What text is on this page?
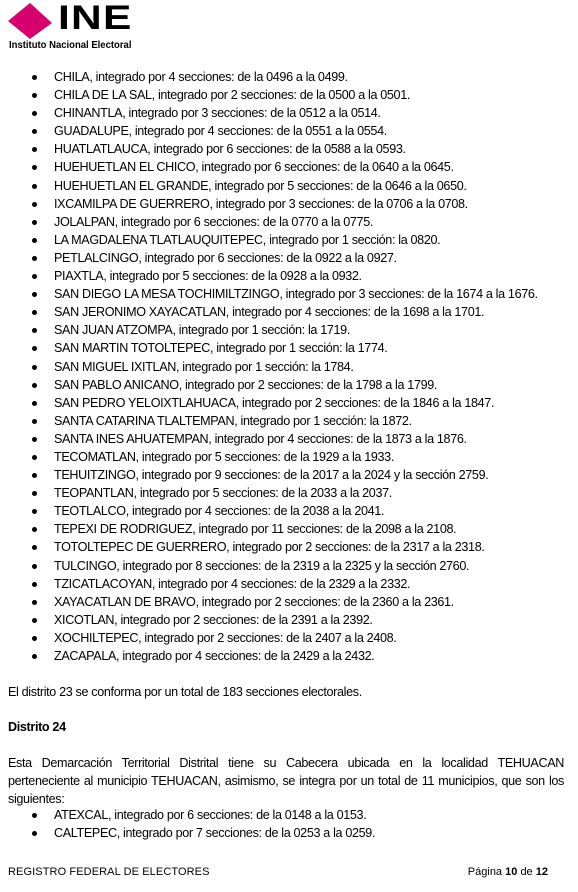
INE
Instituto Nacional Electoral
CHILA, integrado por 4 secciones: de la 0496 a la 0499.
CHILA DE LA SAL, integrado por 2 secciones: de la 0500 a la 0501.
CHINANTLA, integrado por 3 secciones: de la 0512 a la 0514.
GUADALUPE, integrado por 4 secciones: de la 0551 a la 0554.
HUATLATLAUCA, integrado por 6 secciones: de la 0588 a la 0593.
HUEHUETLAN EL CHICO, integrado por 6 secciones: de la 0640 a la 0645.
HUEHUETLAN EL GRANDE, integrado por 5 secciones: de la 0646 a la 0650.
IXCAMILPA DE GUERRERO, integrado por 3 secciones: de la 0706 a la 0708.
JOLALPAN, integrado por 6 secciones: de la 0770 a la 0775.
LA MAGDALENA TLATLAUQUITEPEC, integrado por 1 sección: la 0820.
PETLALCINGO, integrado por 6 secciones: de la 0922 a la 0927.
PIAXTLA, integrado por 5 secciones: de la 0928 a la 0932.
SAN DIEGO LA MESA TOCHIMILTZINGO, integrado por 3 secciones: de la 1674 a la 1676.
SAN JERONIMO XAYACATLAN, integrado por 4 secciones: de la 1698 a la 1701.
SAN JUAN ATZOMPA, integrado por 1 sección: la 1719.
SAN MARTIN TOTOLTEPEC, integrado por 1 sección: la 1774.
SAN MIGUEL IXITLAN, integrado por 1 sección: la 1784.
SAN PABLO ANICANO, integrado por 2 secciones: de la 1798 a la 1799.
SAN PEDRO YELOIXTLAHUACA, integrado por 2 secciones: de la 1846 a la 1847.
SANTA CATARINA TLALTEMPAN, integrado por 1 sección: la 1872.
SANTA INES AHUATEMPAN, integrado por 4 secciones: de la 1873 a la 1876.
TECOMATLAN, integrado por 5 secciones: de la 1929 a la 1933.
TEHUITZINGO, integrado por 9 secciones: de la 2017 a la 2024 y la sección 2759.
TEOPANTLAN, integrado por 5 secciones: de la 2033 a la 2037.
TEOTLALCO, integrado por 4 secciones: de la 2038 a la 2041.
TEPEXI DE RODRIGUEZ, integrado por 11 secciones: de la 2098 a la 2108.
TOTOLTEPEC DE GUERRERO, integrado por 2 secciones: de la 2317 a la 2318.
TULCINGO, integrado por 8 secciones: de la 2319 a la 2325 y la sección 2760.
TZICATLACOYAN, integrado por 4 secciones: de la 2329 a la 2332.
XAYACATLAN DE BRAVO, integrado por 2 secciones: de la 2360 a la 2361.
XICOTLAN, integrado por 2 secciones: de la 2391 a la 2392.
XOCHILTEPEC, integrado por 2 secciones: de la 2407 a la 2408.
ZACAPALA, integrado por 4 secciones: de la 2429 a la 2432.
El distrito 23 se conforma por un total de 183 secciones electorales.
Distrito 24
Esta Demarcación Territorial Distrital tiene su Cabecera ubicada en la localidad TEHUACAN perteneciente al municipio TEHUACAN, asimismo, se integra por un total de 11 municipios, que son los siguientes:
ATEXCAL, integrado por 6 secciones: de la 0148 a la 0153.
CALTEPEC, integrado por 7 secciones: de la 0253 a la 0259.
REGISTRO FEDERAL DE ELECTORES	Página 10 de 12
